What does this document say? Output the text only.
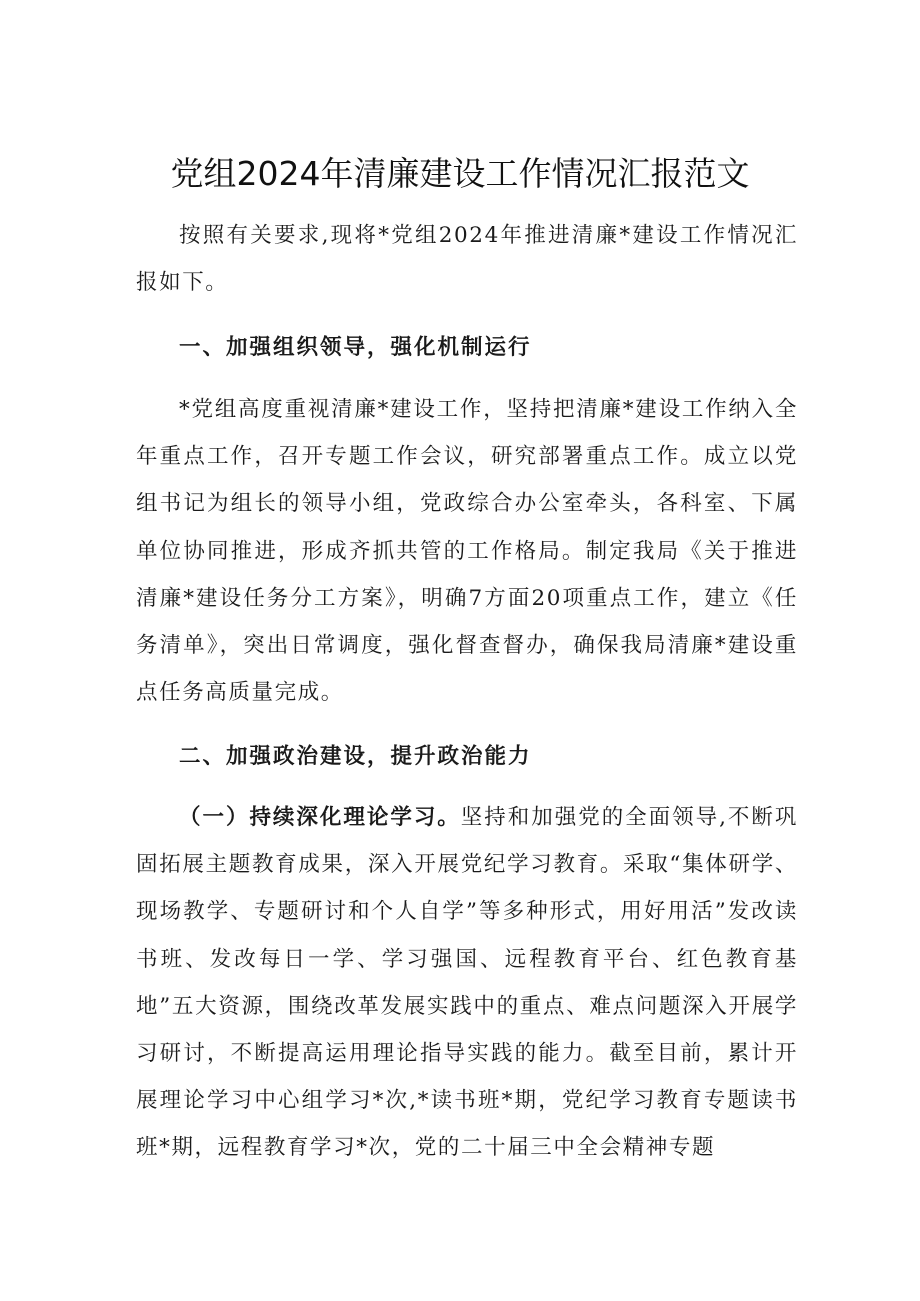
党组2024年清廉建设工作情况汇报范文
按照有关要求,现将*党组2024年推进清廉*建设工作情况汇报如下。
一、加强组织领导，强化机制运行
*党组高度重视清廉*建设工作，坚持把清廉*建设工作纳入全年重点工作，召开专题工作会议，研究部署重点工作。成立以党组书记为组长的领导小组，党政综合办公室牵头，各科室、下属单位协同推进，形成齐抓共管的工作格局。制定我局《关于推进清廉*建设任务分工方案》，明确7方面20项重点工作，建立《任务清单》，突出日常调度，强化督查督办，确保我局清廉*建设重点任务高质量完成。
二、加强政治建设，提升政治能力
（一）持续深化理论学习。坚持和加强党的全面领导,不断巩固拓展主题教育成果，深入开展党纪学习教育。采取“集体研学、现场教学、专题研讨和个人自学”等多种形式，用好用活”发改读书班、发改每日一学、学习强国、远程教育平台、红色教育基地”五大资源，围绕改革发展实践中的重点、难点问题深入开展学习研讨，不断提高运用理论指导实践的能力。截至目前，累计开展理论学习中心组学习*次,*读书班*期，党纪学习教育专题读书班*期，远程教育学习*次，党的二十届三中全会精神专题
